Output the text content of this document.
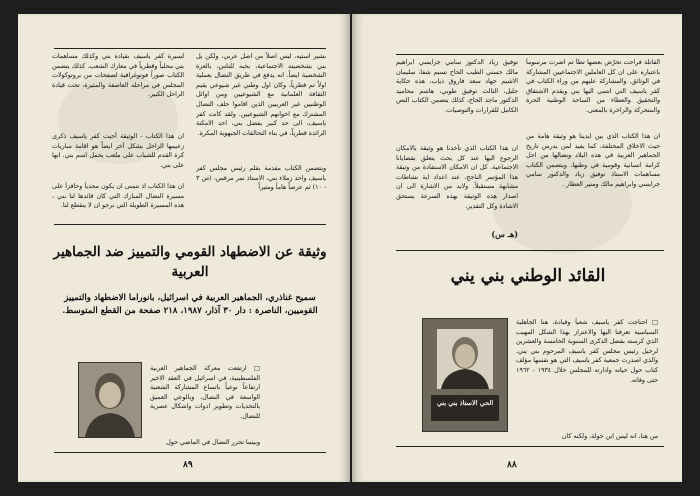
بشير استيه، ليس اصلاً من اصل عربي، ولكن بل بني بشخصيته الاجتماعية، بحبه للناس، بالعزة الشخصية ايضاً. انه يدفع في طريق النضال بعملية اولاً ثم قطرياً، وكان اول وطني غير شيوعي يقيم الثقافة العلمانية مع الشيوعيين ومن اوائل الوطنيين غير العربيين الذين اقاموا حلف النضال المشترك مع اخوانهم الشيوعيين. ولقد كانت كفر ياسيف، الى حد كبير بفضل بني، احد الامكنة الرائدة قطرياً، في بناء التحالفات الجبهوية المكرة.
ويتضمن الكتاب مقدمة بقلم رئيس مجلس كفر ياسيف واحد زملاء بني، الاستاذ نمر مرقس، (ص ٣ - ١٠) ثم عرضاً هاماً ومثيراً
لسيرة كفر ياسيف بقيادة بني وكذلك مساهمات بني محلياً وقطرياً في معارك الشعب. كذلك يتضمن الكتاب صوراً فوتوغرافية لصفحات من بروتوكولات المجلس في مراحله العاصفة والمثيرة، تحت قيادة الراحل الكبير.
ان هذا الكتاب - الوثيقة أحيت كفر ياسيف ذكرى زعيمها الراحل بشكل آخر ايضاً هو اقامة مباريات كرة القدم للشباب على ملعب يحمل اسم بني. انها على بني.
ان هذا الكتاب اذ نتمنى ان يكون مجدياً وحافزاً على مسيرة النضال المبارك التي كان قائدها لنا بني ، هذه المسيرة الطويلة التي نرجو ان لا ينقطع لنا.
وثيقة عن الاضطهاد القومي والتمييز ضد الجماهير العربية
سميح غناذري، الجماهير العربية في اسرائيل، بانوراما الاضطهاد والتمييز القوميين، الناصرة : دار ٣٠ آذار، ١٩٨٧، ٢١٨ صفحة من القطع المتوسط.
□ ارتفعت معركة الجماهير العربية الفلسطينية، في اسرائيل في العقد الاخير ارتفاعاً نوعياً باتساع المشاركة الشعبية الواسعة في النضال، وبالوعي العميق بالتحديات وتطوير ادوات واشكال عصرية للنضال.
وبينما تحرر النضال في الماضي حول
٨٩
القاتلة فراحت تحرّض بعضها تطأ ثم اضرت مرسوماً باعتباره على ان كل العاملين الاجتماعيين المشاركة في الوثائق. والمشاركة عليهم من وراء الكتاب في كفر ياسيف التي انتمى اليها بني ويقدم الاشتقاق والتحقيق والعطاء من الساحة الوطنية الحرة والمتحركة والزاخرة بالمعنى.
ان هذا الكتاب الذي بين ايدينا هو وثيقة هامة من حيث الاخلاق المختلفة، كما يفيد لمن يدرس تاريخ الجماهير العربية في هذه البلاد ونضالها من اجل كرامة انسانية وقومية في وطنها، ويتضمن الكتاب مساهمات الاستاذ توفيق زياد والدكتور سامي جرايسي وابراهيم مالك ومنير العطار .
توفيق زياد الدكتور سامي جرايسي ابراهيم مالك حسني الطيب الحاج نسيم شفا، سليمان الاشيم جهاد سعد فاروق ذياب، هذه حكاية جليل، الثالث توفيق طوبي، هاشم محاميد الدكتور ماجد الحاج، كذلك يتضمن الكتاب النص الكامل للقرارات والتوصيات.
ان هذا الكتاب الذي تأخذنا هو وثيقة بالامكان الرجوع اليها عند كل بحث يتعلق بقضايانا الاجتماعية. كل ان الامكان الاستفادة من وثيقة هذا المؤتمر الناجح، عند اعداد اية نشاطات مشابهة مستقبلاً. ولابد من الاشارة الى ان اصدار هذه الوثيقة بهذه السرعة يستحق الاشادة وكل التقدير.
(هـ س)
القائد الوطني بني يني
الحي الاستاذ بني بني
□ احتاجت كفر ياسيف شعباً وقيادة، هنا الجاهلية السياسية تعرفنا اليها والاعتزاز بهذا الشكل المهيب الذي كرسته بفضل الذكرى السنوية الخامسة والعشرين لرحيل رئيس مجلس كفر ياسيف المرحوم بني يني. والذي اصدرت جمعية كفر ياسيف التي هو نفسها مؤلف كتاب حول حياته وادارته للمجلس خلال ١٩٣٤ - ١٩٦٢ حتى وفاته.
من هنا، انه ليس ابن حولة، ولكنه كان
٨٨
